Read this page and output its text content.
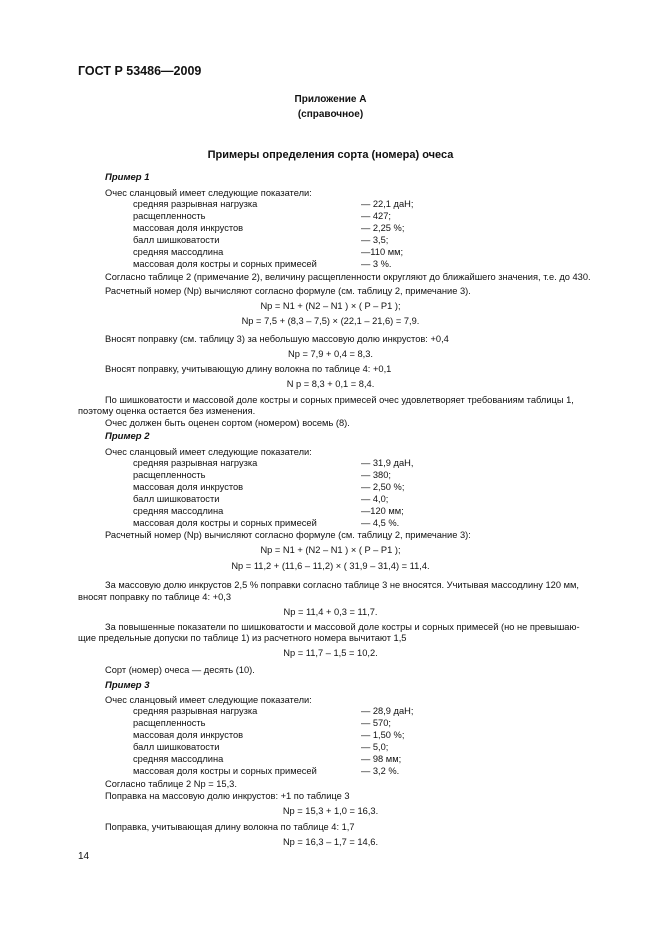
ГОСТ Р 53486—2009
Приложение А
(справочное)
Примеры определения сорта (номера) очеса
Пример 1
Очес сланцовый имеет следующие показатели:
средняя разрывная нагрузка	— 22,1 даН;
расщепленность	— 427;
массовая доля инкрустов	— 2,25 %;
балл шишковатости	— 3,5;
средняя массодлина	—110 мм;
массовая доля костры и сорных примесей	— 3 %.
Согласно таблице 2 (примечание 2), величину расщепленности округляют до ближайшего значения, т.е. до 430.
Расчетный номер (Nр) вычисляют согласно формуле (см. таблицу 2, примечание 3).
Nр = N1 + (N2 – N1 ) × ( P – P1 );
Nр = 7,5 + (8,3 – 7,5) × (22,1 – 21,6) = 7,9.
Вносят поправку (см. таблицу 3) за небольшую массовую долю инкрустов: +0,4
Nр = 7,9 + 0,4 = 8,3.
Вносят поправку, учитывающую длину волокна по таблице 4: +0,1
N р = 8,3 + 0,1 = 8,4.
По шишковатости и массовой доле костры и сорных примесей очес удовлетворяет требованиям таблицы 1,
поэтому оценка остается без изменения.
Очес должен быть оценен сортом (номером) восемь (8).
Пример 2
Очес сланцовый имеет следующие показатели:
средняя разрывная нагрузка	— 31,9 даН,
расщепленность	— 380;
массовая доля инкрустов	— 2,50 %;
балл шишковатости	— 4,0;
средняя массодлина	—120 мм;
массовая доля костры и сорных примесей	— 4,5 %.
Расчетный номер (Nр) вычисляют согласно формуле (см. таблицу 2, примечание 3):
Nр = N1 + (N2 – N1 ) × ( P – P1 );
Nр = 11,2 + (11,6 – 11,2) × ( 31,9 – 31,4) = 11,4.
За массовую долю инкрустов 2,5 % поправки согласно таблице 3 не вносятся. Учитывая массодлину 120 мм,
вносят поправку по таблице 4: +0,3
Nр = 11,4 + 0,3 = 11,7.
За повышенные показатели по шишковатости и массовой доле костры и сорных примесей (но не превышаю-
щие предельные допуски по таблице 1) из расчетного номера вычитают 1,5
Nр = 11,7 – 1,5 = 10,2.
Сорт (номер) очеса — десять (10).
Пример 3
Очес сланцовый имеет следующие показатели:
средняя разрывная нагрузка	— 28,9 даН;
расщепленность	— 570;
массовая доля инкрустов	— 1,50 %;
балл шишковатости	— 5,0;
средняя массодлина	— 98 мм;
массовая доля костры и сорных примесей	— 3,2 %.
Согласно таблице 2 Nр = 15,3.
Поправка на массовую долю инкрустов: +1 по таблице 3
Nр = 15,3 + 1,0 = 16,3.
Поправка, учитывающая длину волокна по таблице 4: 1,7
Nр = 16,3 – 1,7 = 14,6.
14
